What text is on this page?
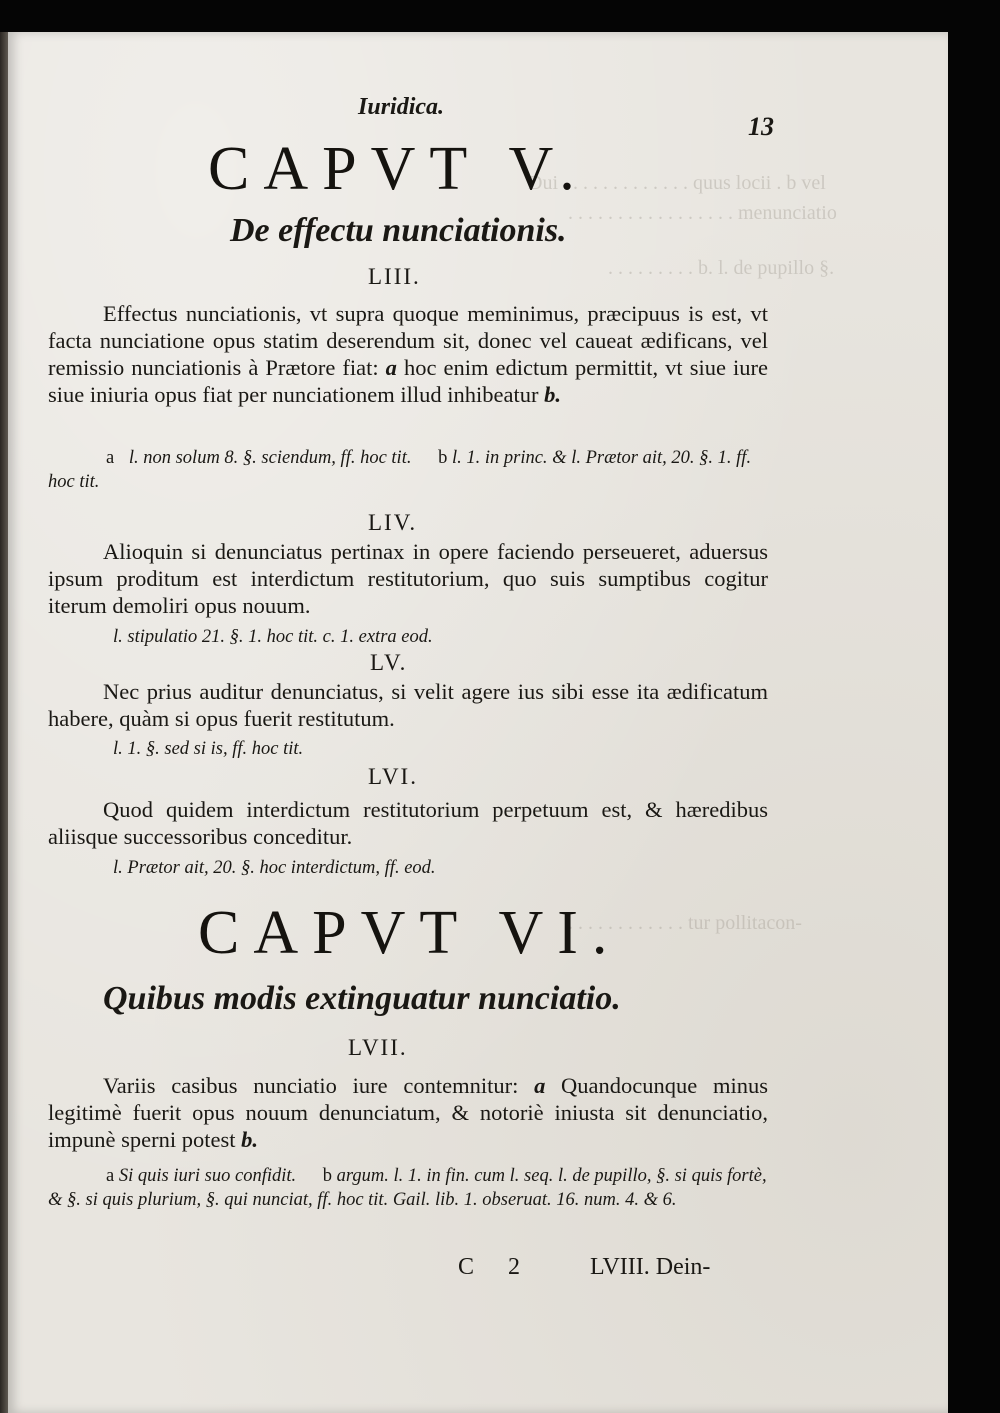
Dui . . . . . . . . . . . . . quus locii . b vel
. . . . . . . . . . . . . . . . . menunciatio
. . . . . . . . . b. l. de pupillo §.
. . . . . . . . . . . . tur pollitacon-
Iuridica.
13
CAPVT V.
De effectu nunciationis.
LIII.
Effectus nunciationis, vt supra quoque meminimus, præcipuus is est, vt facta nunciatione opus statim deserendum sit, donec vel caueat ædificans, vel remissio nunciationis à Prætore fiat: a hoc enim edictum permittit, vt siue iure siue iniuria opus fiat per nunciationem illud inhibeatur b.
a l. non solum 8. §. sciendum, ff. hoc tit. b l. 1. in princ. & l. Prætor ait, 20. §. 1. ff. hoc tit.
LIV.
Alioquin si denunciatus pertinax in opere faciendo perseueret, aduersus ipsum proditum est interdictum restitutorium, quo suis sumptibus cogitur iterum demoliri opus nouum.
l. stipulatio 21. §. 1. hoc tit. c. 1. extra eod.
LV.
Nec prius auditur denunciatus, si velit agere ius sibi esse ita ædificatum habere, quàm si opus fuerit restitutum.
l. 1. §. sed si is, ff. hoc tit.
LVI.
Quod quidem interdictum restitutorium perpetuum est, & hæredibus aliisque successoribus conceditur.
l. Prætor ait, 20. §. hoc interdictum, ff. eod.
CAPVT VI.
Quibus modis extinguatur nunciatio.
LVII.
Variis casibus nunciatio iure contemnitur: a Quandocunque minus legitimè fuerit opus nouum denunciatum, & notoriè iniusta sit denunciatio, impunè sperni potest b.
a Si quis iuri suo confidit. b argum. l. 1. in fin. cum l. seq. l. de pupillo, §. si quis fortè, & §. si quis plurium, §. qui nunciat, ff. hoc tit. Gail. lib. 1. obseruat. 16. num. 4. & 6.
C 2	LVIII. Dein-
